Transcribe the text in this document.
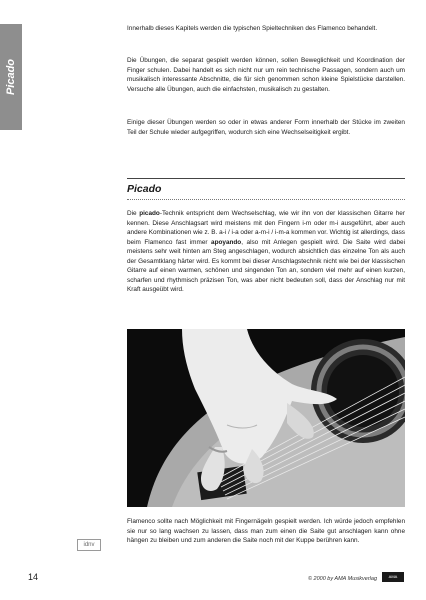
Picado

Innerhalb dieses Kapitels werden die typischen Spieltechniken des Flamenco behandelt.

Die Übungen, die separat gespielt werden können, sollen Beweglichkeit und Koordination der Finger schulen. Dabei handelt es sich nicht nur um rein technische Passagen, sondern auch um musikalisch interessante Abschnitte, die für sich genommen schon kleine Spielstücke darstellen. Versuche alle Übungen, auch die einfachsten, musikalisch zu gestalten.

Einige dieser Übungen werden so oder in etwas anderer Form innerhalb der Stücke im zweiten Teil der Schule wieder aufgegriffen, wodurch sich eine Wechselseitigkeit ergibt.

Picado

Die picado-Technik entspricht dem Wechselschlag, wie wir ihn von der klassischen Gitarre her kennen. Diese Anschlagsart wird meistens mit den Fingern i-m oder m-i ausgeführt, aber auch andere Kombinationen wie z. B. a-i / i-a oder a-m-i / i-m-a kommen vor. Wichtig ist allerdings, dass beim Flamenco fast immer apoyando, also mit Anlegen gespielt wird. Die Saite wird dabei meistens sehr weit hinten am Steg angeschlagen, wodurch absichtlich das einzelne Ton als auch der Gesamtklang härter wird. Es kommt bei dieser Anschlagstechnik nicht wie bei der klassischen Gitarre auf einen warmen, schönen und singenden Ton an, sondern viel mehr auf einen kurzen, scharfen und rhythmisch präzisen Ton, was aber nicht bedeuten soll, dass der Anschlag nur mit Kraft ausgeübt wird.

Flamenco sollte nach Möglichkeit mit Fingernägeln gespielt werden. Ich würde jedoch empfehlen sie nur so lang wachsen zu lassen, dass man zum einen die Saite gut anschlagen kann ohne hängen zu bleiben und zum anderen die Saite noch mit der Kuppe berühren kann.

idnv

14	© 2000 by AMA Musikverlag	AMA
